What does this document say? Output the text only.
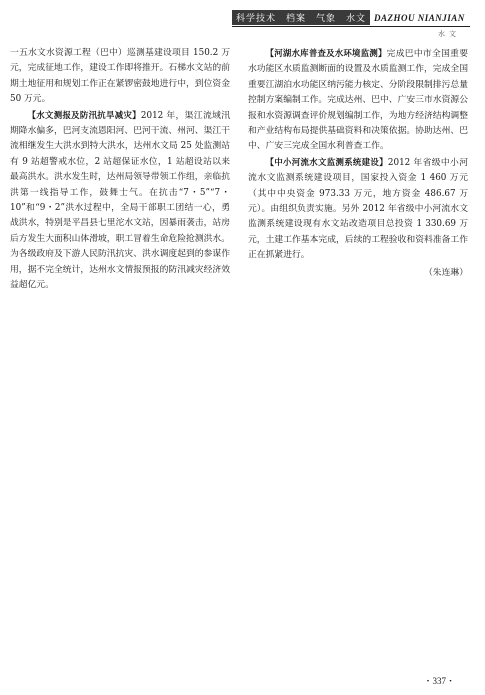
科学技术　档案　气象　水文 DAZHOU NIANJIAN
水文

一五水文水资源工程（巴中）巡测基建设项目 150.2 万元，完成征地工作，建设工作即将推开。石梯水文站的前期土地征用和规划工作正在紧锣密鼓地进行中，到位资金 50 万元。

【水文测报及防汛抗旱减灾】2012 年，渠江流域汛期降水偏多，巴河支流恩阳河、巴河干流、州河、渠江干流相继发生大洪水到特大洪水，达州水文局 25 处监测站有 9 站超警戒水位，2 站超保证水位，1 站超设站以来最高洪水。洪水发生时，达州局领导带领工作组，亲临抗洪第一线指导工作，鼓舞士气。在抗击“7・5”“7・10”和“9・2”洪水过程中，全局干部职工团结一心，勇战洪水，特别是平昌县七里沱水文站，因暴雨袭击，站房后方发生大面积山体滑坡，职工冒着生命危险抢测洪水。为各级政府及下游人民防汛抗灾、洪水调度起到的参谋作用，据不完全统计，达州水文情报预报的防汛减灾经济效益超亿元。

【河湖水库普查及水环境监测】完成巴中市全国重要水功能区水质监测断面的设置及水质监测工作，完成全国重要江湖泊水功能区纳污能力核定、分阶段限制排污总量控制方案编制工作。完成达州、巴中、广安三市水资源公报和水资源调查评价规划编制工作，为地方经济结构调整和产业结构布局提供基础资料和决策依据。协助达州、巴中、广安三完成全国水利普查工作。

【中小河流水文监测系统建设】2012 年省级中小河流水文监测系统建设项目，国家投入资金 1 460 万元（其中中央资金 973.33 万元，地方资金 486.67 万元）。由组织负责实施。另外 2012 年省级中小河流水文监测系统建设现有水文站改造项目总投资 1 330.69 万元，土建工作基本完成，后续的工程验收和资料准备工作正在抓紧进行。

（朱连琳）
・337・
